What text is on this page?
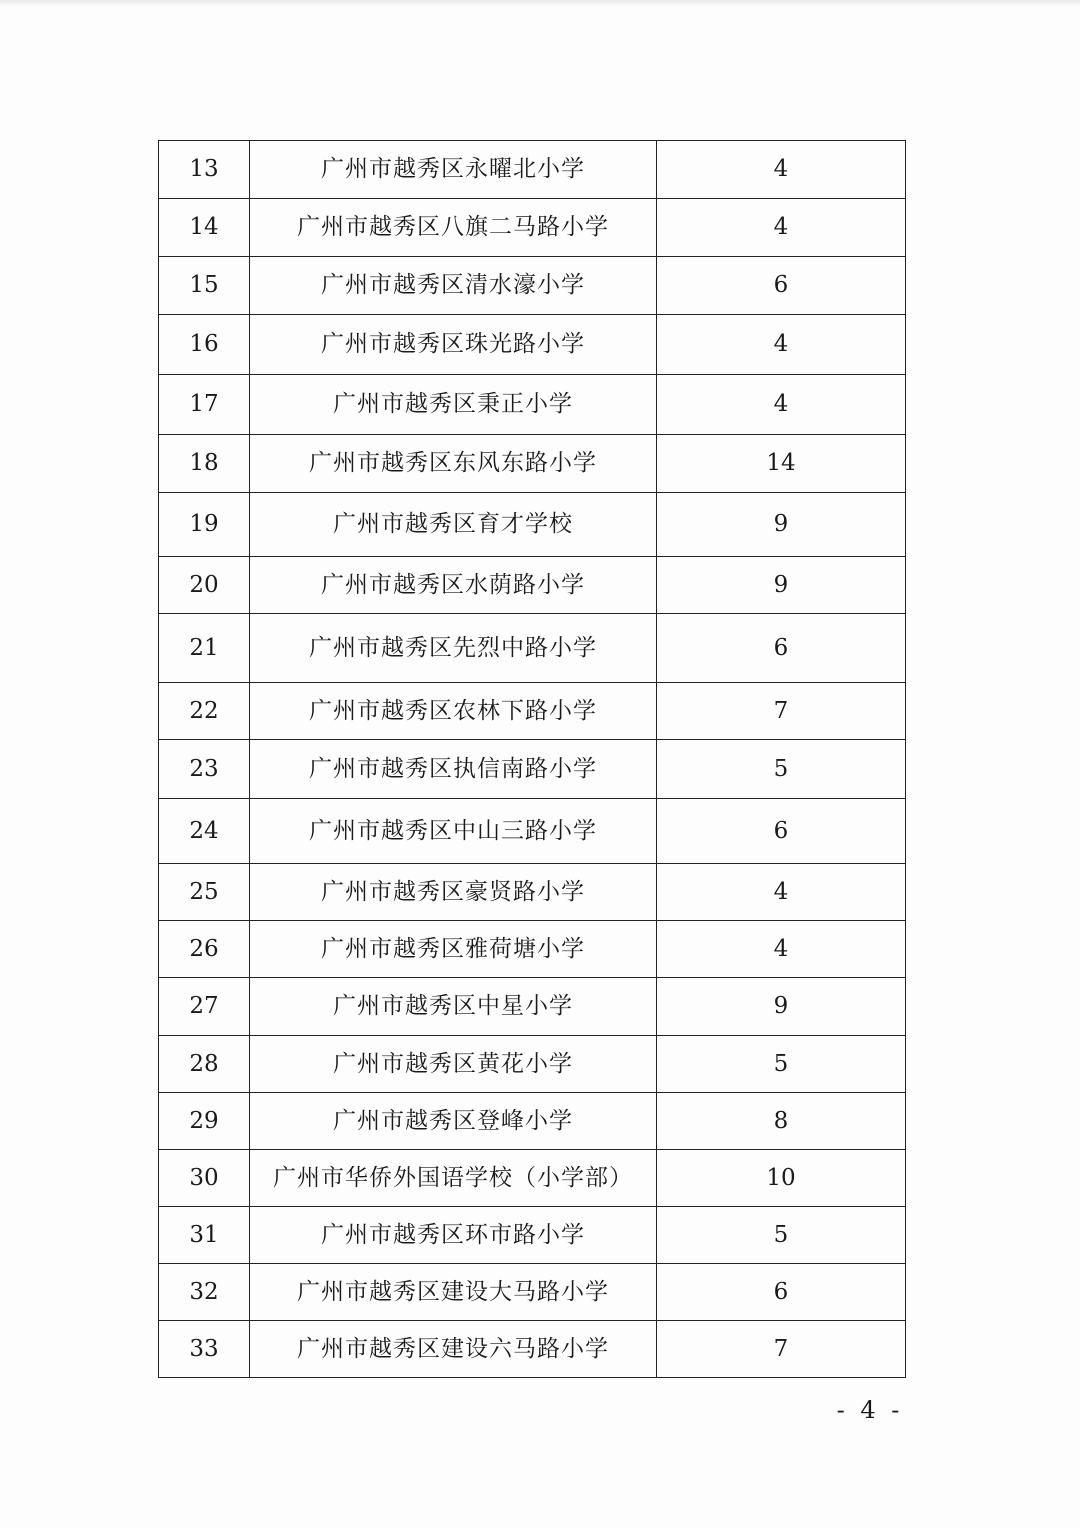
13	广州市越秀区永曜北小学	4
14	广州市越秀区八旗二马路小学	4
15	广州市越秀区清水濠小学	6
16	广州市越秀区珠光路小学	4
17	广州市越秀区秉正小学	4
18	广州市越秀区东风东路小学	14
19	广州市越秀区育才学校	9
20	广州市越秀区水荫路小学	9
21	广州市越秀区先烈中路小学	6
22	广州市越秀区农林下路小学	7
23	广州市越秀区执信南路小学	5
24	广州市越秀区中山三路小学	6
25	广州市越秀区豪贤路小学	4
26	广州市越秀区雅荷塘小学	4
27	广州市越秀区中星小学	9
28	广州市越秀区黄花小学	5
29	广州市越秀区登峰小学	8
30	广州市华侨外国语学校（小学部）	10
31	广州市越秀区环市路小学	5
32	广州市越秀区建设大马路小学	6
33	广州市越秀区建设六马路小学	7
- 4 -
